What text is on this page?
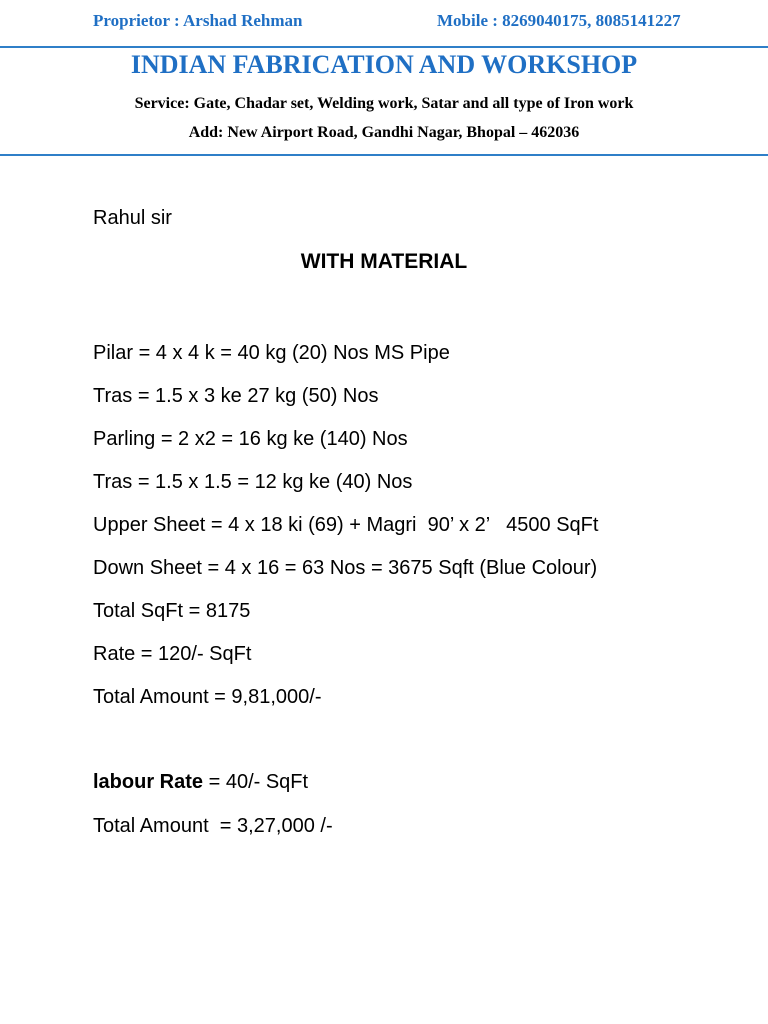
Proprietor : Arshad Rehman	Mobile : 8269040175, 8085141227
INDIAN FABRICATION AND WORKSHOP
Service: Gate, Chadar set, Welding work, Satar and all type of Iron work
Add: New Airport Road, Gandhi Nagar, Bhopal – 462036
Rahul sir
WITH MATERIAL
Pilar = 4 x 4 k = 40 kg (20) Nos MS Pipe
Tras = 1.5 x 3 ke 27 kg (50) Nos
Parling = 2 x2 = 16 kg ke (140) Nos
Tras = 1.5 x 1.5 = 12 kg ke (40) Nos
Upper Sheet = 4 x 18 ki (69) + Magri  90’ x 2’   4500 SqFt
Down Sheet = 4 x 16 = 63 Nos = 3675 Sqft (Blue Colour)
Total SqFt = 8175
Rate = 120/- SqFt
Total Amount = 9,81,000/-
labour Rate = 40/- SqFt
Total Amount  = 3,27,000 /-
